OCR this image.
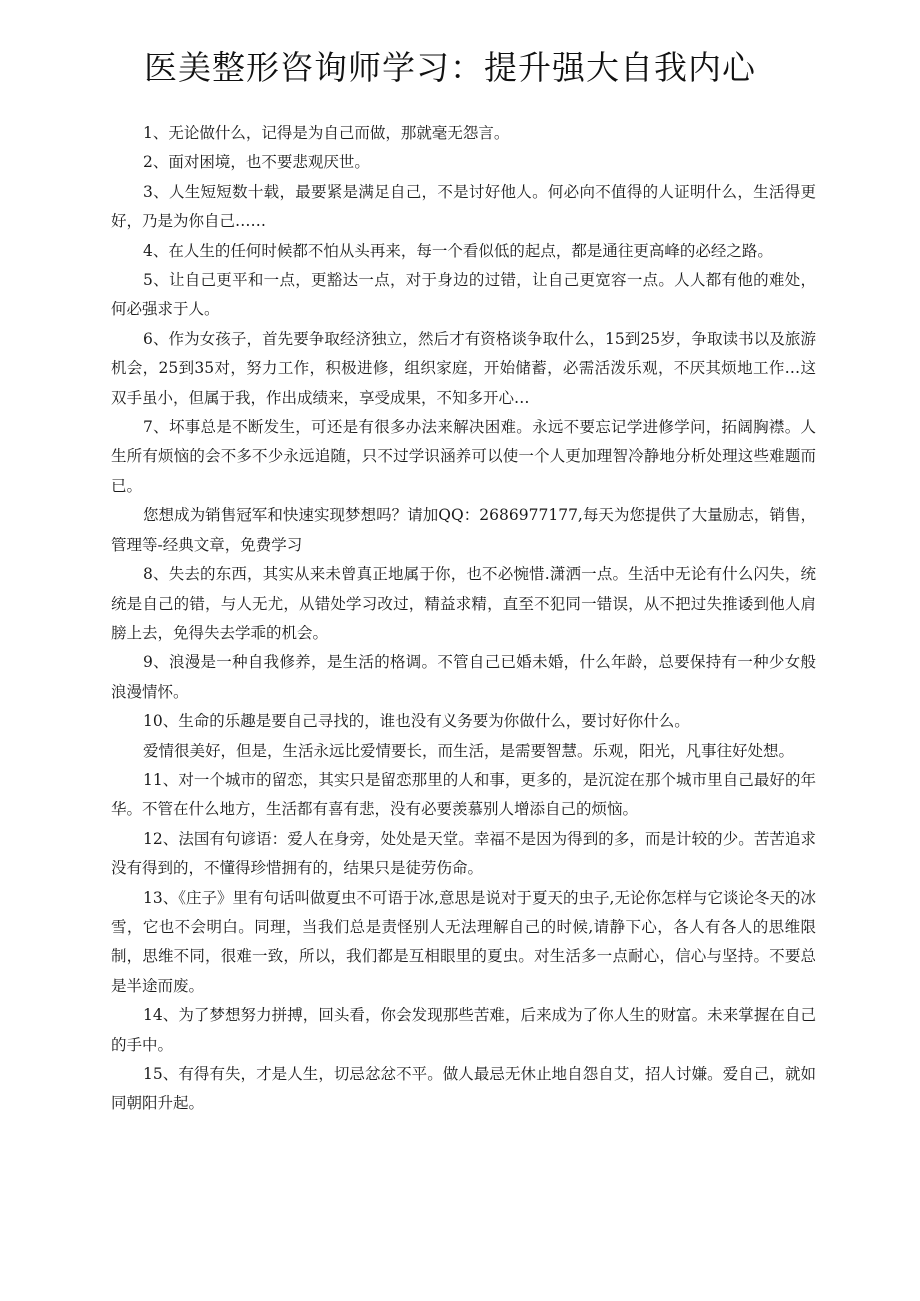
医美整形咨询师学习：提升强大自我内心

1、无论做什么，记得是为自己而做，那就毫无怨言。

2、面对困境，也不要悲观厌世。

3、人生短短数十载，最要紧是满足自己，不是讨好他人。何必向不值得的人证明什么，生活得更好，乃是为你自己……

4、在人生的任何时候都不怕从头再来，每一个看似低的起点，都是通往更高峰的必经之路。

5、让自己更平和一点，更豁达一点，对于身边的过错，让自己更宽容一点。人人都有他的难处，何必强求于人。

6、作为女孩子，首先要争取经济独立，然后才有资格谈争取什么，15到25岁，争取读书以及旅游机会，25到35对，努力工作，积极进修，组织家庭，开始储蓄，必需活泼乐观，不厌其烦地工作…这双手虽小，但属于我，作出成绩来，享受成果，不知多开心…

7、坏事总是不断发生，可还是有很多办法来解决困难。永远不要忘记学进修学问，拓阔胸襟。人生所有烦恼的会不多不少永远追随，只不过学识涵养可以使一个人更加理智冷静地分析处理这些难题而已。

您想成为销售冠军和快速实现梦想吗？请加QQ：2686977177,每天为您提供了大量励志，销售，管理等-经典文章，免费学习

8、失去的东西，其实从来未曾真正地属于你，也不必惋惜.潇洒一点。生活中无论有什么闪失，统统是自己的错，与人无尤，从错处学习改过，精益求精，直至不犯同一错误，从不把过失推诿到他人肩膀上去，免得失去学乖的机会。

9、浪漫是一种自我修养，是生活的格调。不管自己已婚未婚，什么年龄，总要保持有一种少女般浪漫情怀。

10、生命的乐趣是要自己寻找的，谁也没有义务要为你做什么，要讨好你什么。

爱情很美好，但是，生活永远比爱情要长，而生活，是需要智慧。乐观，阳光，凡事往好处想。

11、对一个城市的留恋，其实只是留恋那里的人和事，更多的，是沉淀在那个城市里自己最好的年华。不管在什么地方，生活都有喜有悲，没有必要羡慕别人增添自己的烦恼。

12、法国有句谚语：爱人在身旁，处处是天堂。幸福不是因为得到的多，而是计较的少。苦苦追求没有得到的，不懂得珍惜拥有的，结果只是徒劳伤命。

13、《庄子》里有句话叫做夏虫不可语于冰,意思是说对于夏天的虫子,无论你怎样与它谈论冬天的冰雪，它也不会明白。同理，当我们总是责怪别人无法理解自己的时候,请静下心，各人有各人的思维限制，思维不同，很难一致，所以，我们都是互相眼里的夏虫。对生活多一点耐心，信心与坚持。不要总是半途而废。

14、为了梦想努力拼搏，回头看，你会发现那些苦难，后来成为了你人生的财富。未来掌握在自己的手中。

15、有得有失，才是人生，切忌忿忿不平。做人最忌无休止地自怨自艾，招人讨嫌。爱自己，就如同朝阳升起。
